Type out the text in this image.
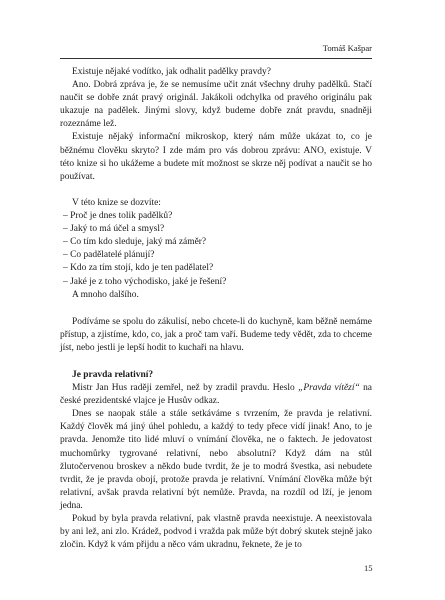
Tomáš Kašpar

Existuje nějaké vodítko, jak odhalit padělky pravdy?

Ano. Dobrá zpráva je, že se nemusíme učit znát všechny druhy padělků. Stačí naučit se dobře znát pravý originál. Jakákoli odchylka od pravého originálu pak ukazuje na padělek. Jinými slovy, když budeme dobře znát pravdu, snadněji rozeznáme lež.

Existuje nějaký informační mikroskop, který nám může ukázat to, co je běžnému člověku skryto? I zde mám pro vás dobrou zprávu: ANO, existuje. V této knize si ho ukážeme a budete mít možnost se skrze něj podívat a naučit se ho používat.

V této knize se dozvíte:

– Proč je dnes tolik padělků?
– Jaký to má účel a smysl?
– Co tím kdo sleduje, jaký má záměr?
– Co padělatelé plánují?
– Kdo za tím stojí, kdo je ten padělatel?
– Jaké je z toho východisko, jaké je řešení?

A mnoho dalšího.

Podíváme se spolu do zákulisí, nebo chcete-li do kuchyně, kam běžně nemáme přístup, a zjistíme, kdo, co, jak a proč tam vaří. Budeme tedy vědět, zda to chceme jíst, nebo jestli je lepší hodit to kuchaři na hlavu.

Je pravda relativní?

Mistr Jan Hus raději zemřel, než by zradil pravdu. Heslo „Pravda vítězí“ na české prezidentské vlajce je Husův odkaz.

Dnes se naopak stále a stále setkáváme s tvrzením, že pravda je relativní. Každý člověk má jiný úhel pohledu, a každý to tedy přece vidí jinak! Ano, to je pravda. Jenomže tito lidé mluví o vnímání člověka, ne o faktech. Je jedovatost muchomůrky tygrované relativní, nebo absolutní? Když dám na stůl žlutočervenou broskev a někdo bude tvrdit, že je to modrá švestka, asi nebudete tvrdit, že je pravda obojí, protože pravda je relativní. Vnímání člověka může být relativní, avšak pravda relativní být nemůže. Pravda, na rozdíl od lží, je jenom jedna.

Pokud by byla pravda relativní, pak vlastně pravda neexistuje. A neexistovala by ani lež, ani zlo. Krádež, podvod i vražda pak může být dobrý skutek stejně jako zločin. Když k vám přijdu a něco vám ukradnu, řeknete, že je to

15
